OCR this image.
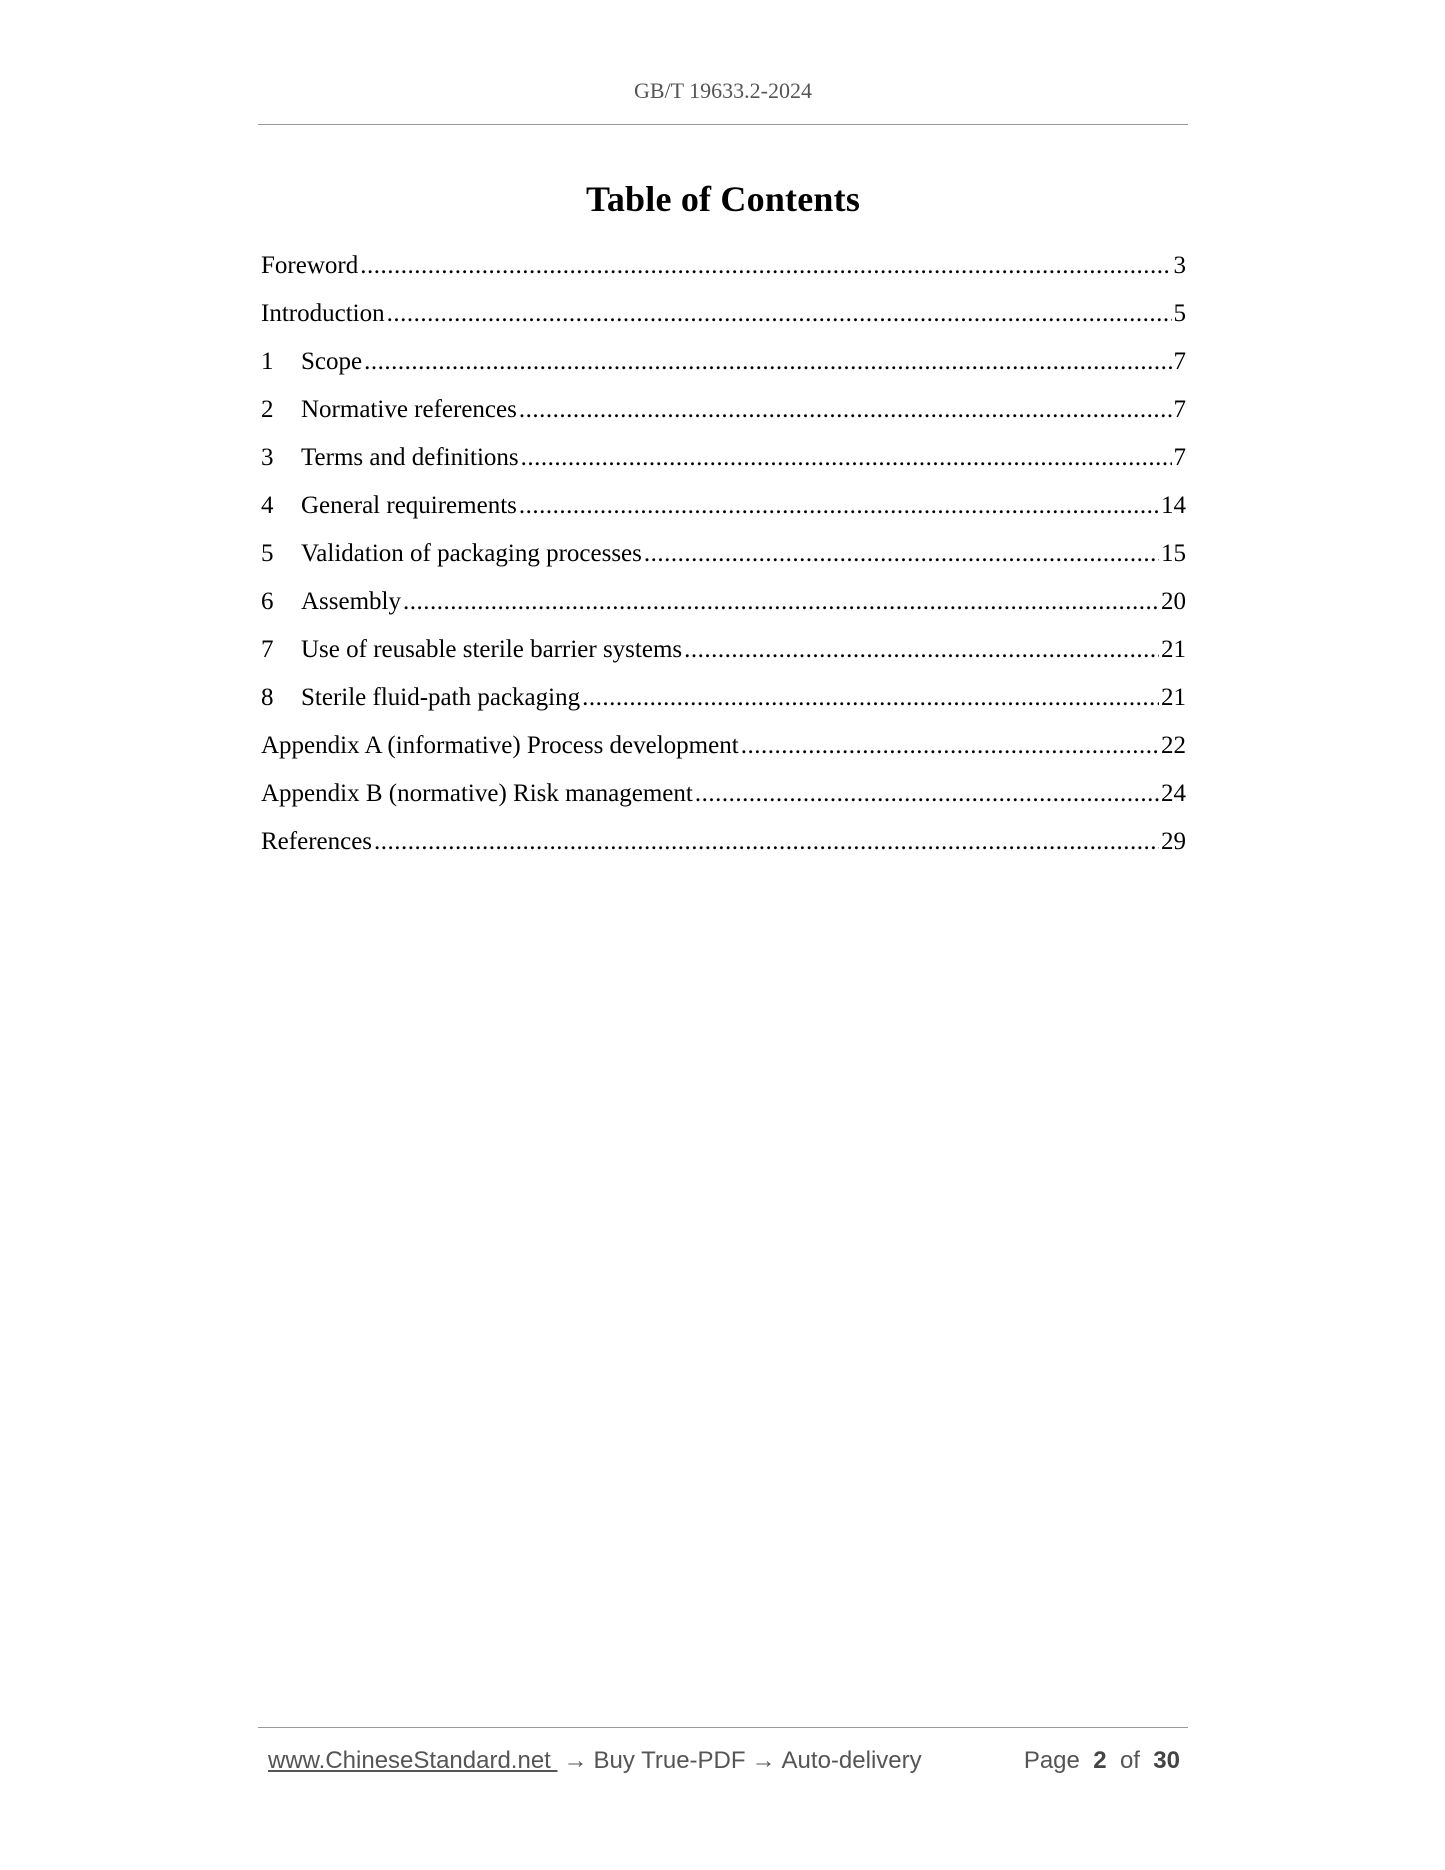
GB/T 19633.2-2024
Table of Contents
Foreword .....	3
Introduction .....	5
1	Scope .....	7
2	Normative references .....	7
3	Terms and definitions .....	7
4	General requirements .....	14
5	Validation of packaging processes .....	15
6	Assembly .....	20
7	Use of reusable sterile barrier systems .....	21
8	Sterile fluid-path packaging .....	21
Appendix A (informative) Process development .....	22
Appendix B (normative) Risk management .....	24
References .....	29
www.ChineseStandard.net → Buy True-PDF → Auto-delivery	Page 2 of 30
